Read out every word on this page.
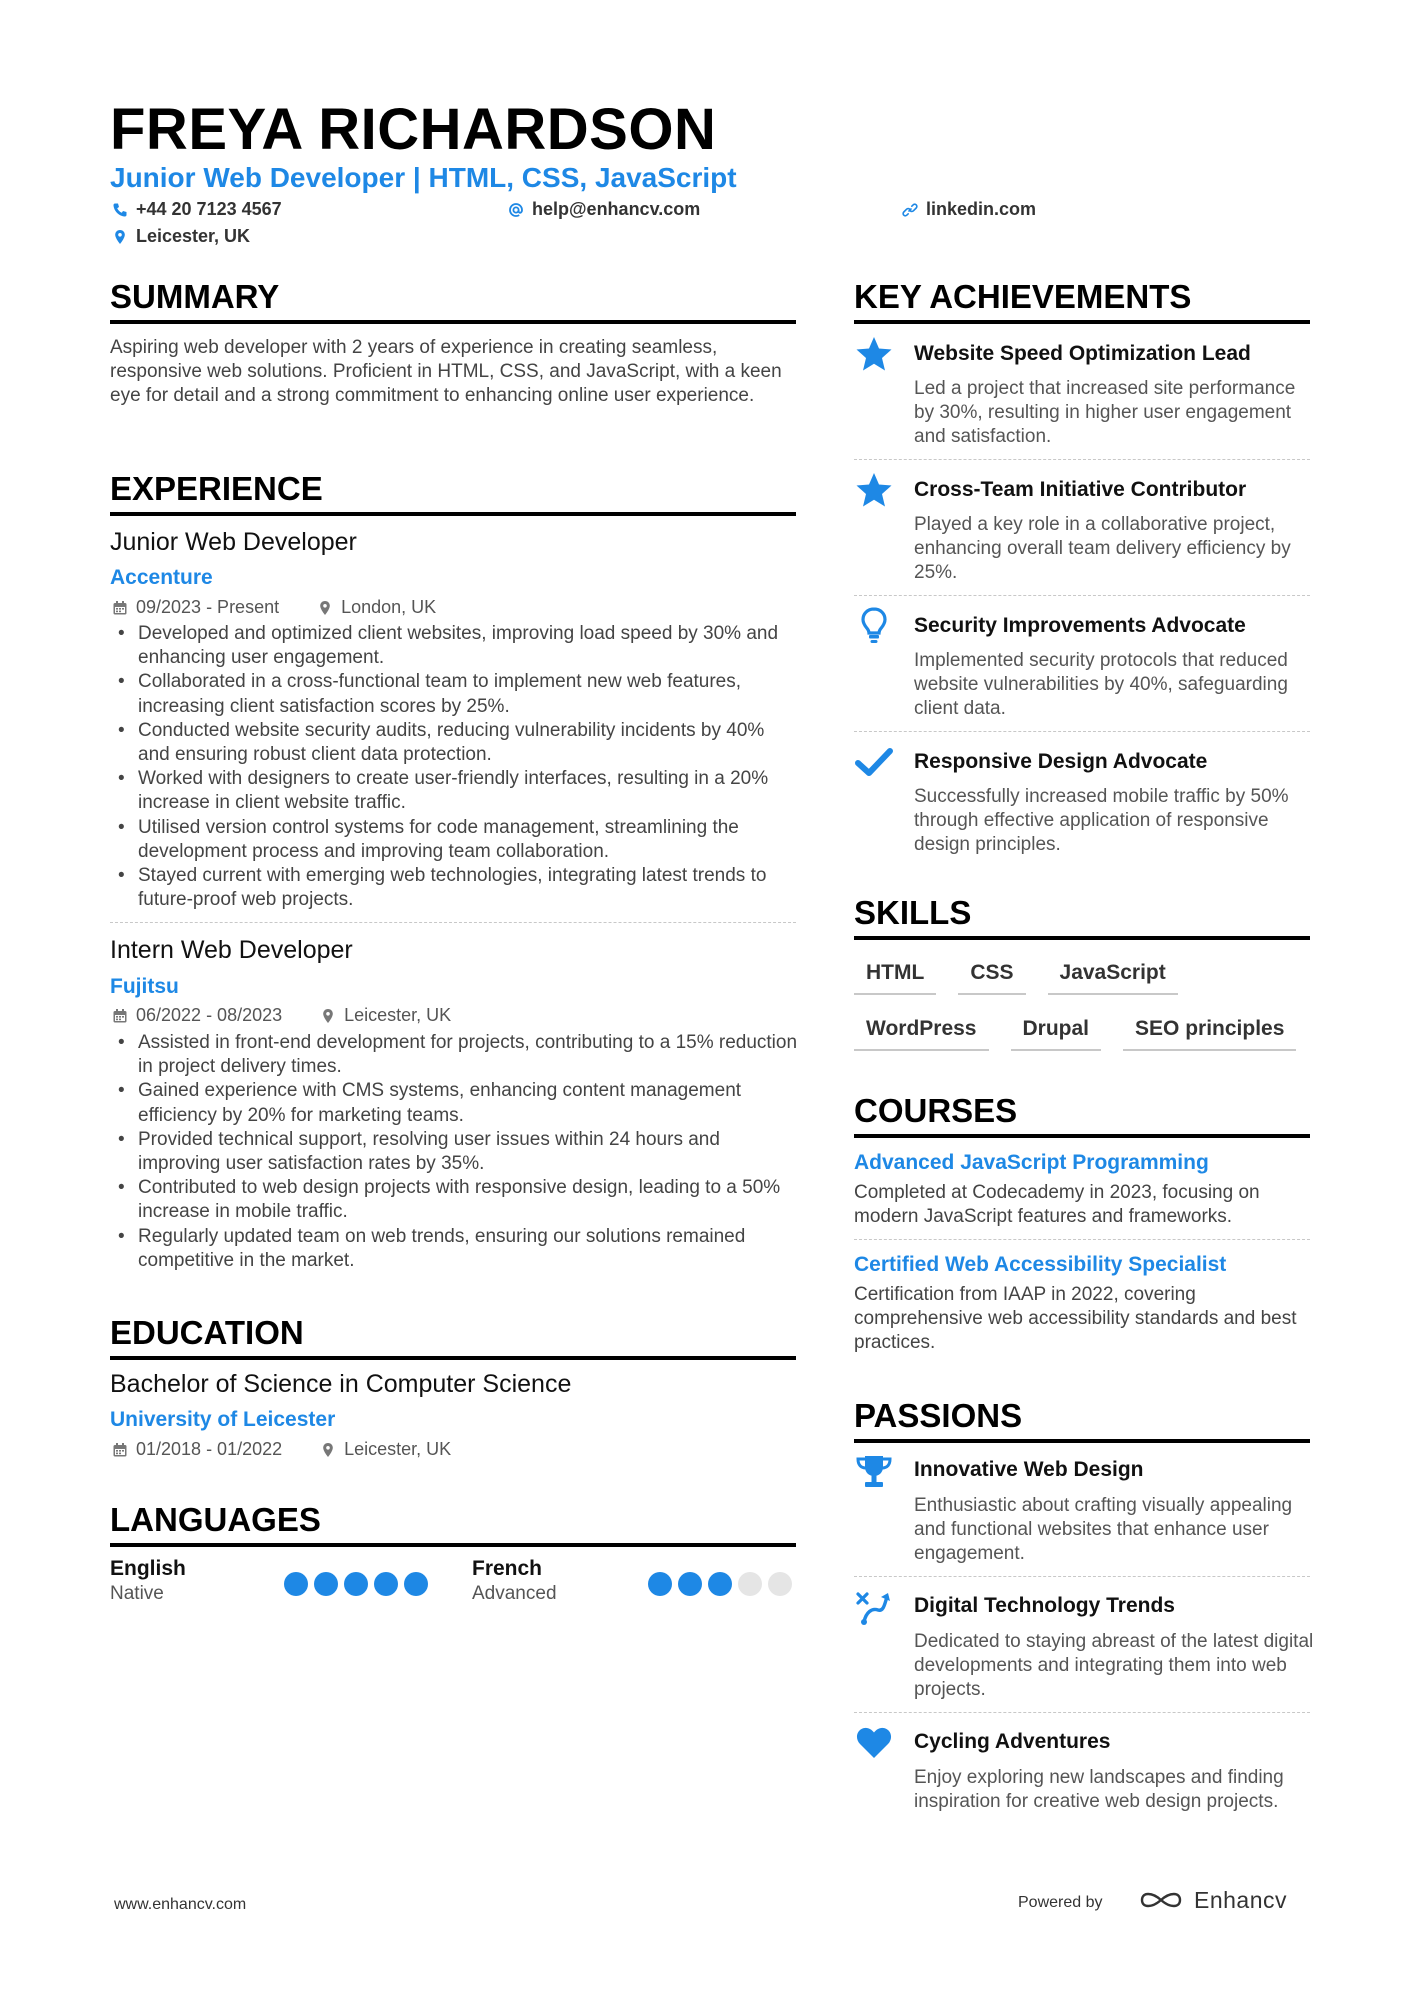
FREYA RICHARDSON
Junior Web Developer | HTML, CSS, JavaScript
+44 20 7123 4567	help@enhancv.com	linkedin.com
Leicester, UK
SUMMARY
Aspiring web developer with 2 years of experience in creating seamless, responsive web solutions. Proficient in HTML, CSS, and JavaScript, with a keen eye for detail and a strong commitment to enhancing online user experience.
EXPERIENCE
Junior Web Developer
Accenture
09/2023 - Present	London, UK
• Developed and optimized client websites, improving load speed by 30% and enhancing user engagement.
• Collaborated in a cross-functional team to implement new web features, increasing client satisfaction scores by 25%.
• Conducted website security audits, reducing vulnerability incidents by 40% and ensuring robust client data protection.
• Worked with designers to create user-friendly interfaces, resulting in a 20% increase in client website traffic.
• Utilised version control systems for code management, streamlining the development process and improving team collaboration.
• Stayed current with emerging web technologies, integrating latest trends to future-proof web projects.
Intern Web Developer
Fujitsu
06/2022 - 08/2023	Leicester, UK
• Assisted in front-end development for projects, contributing to a 15% reduction in project delivery times.
• Gained experience with CMS systems, enhancing content management efficiency by 20% for marketing teams.
• Provided technical support, resolving user issues within 24 hours and improving user satisfaction rates by 35%.
• Contributed to web design projects with responsive design, leading to a 50% increase in mobile traffic.
• Regularly updated team on web trends, ensuring our solutions remained competitive in the market.
EDUCATION
Bachelor of Science in Computer Science
University of Leicester
01/2018 - 01/2022	Leicester, UK
LANGUAGES
English
Native
French
Advanced
KEY ACHIEVEMENTS
Website Speed Optimization Lead
Led a project that increased site performance by 30%, resulting in higher user engagement and satisfaction.
Cross-Team Initiative Contributor
Played a key role in a collaborative project, enhancing overall team delivery efficiency by 25%.
Security Improvements Advocate
Implemented security protocols that reduced website vulnerabilities by 40%, safeguarding client data.
Responsive Design Advocate
Successfully increased mobile traffic by 50% through effective application of responsive design principles.
SKILLS
HTML	CSS	JavaScript
WordPress	Drupal	SEO principles
COURSES
Advanced JavaScript Programming
Completed at Codecademy in 2023, focusing on modern JavaScript features and frameworks.
Certified Web Accessibility Specialist
Certification from IAAP in 2022, covering comprehensive web accessibility standards and best practices.
PASSIONS
Innovative Web Design
Enthusiastic about crafting visually appealing and functional websites that enhance user engagement.
Digital Technology Trends
Dedicated to staying abreast of the latest digital developments and integrating them into web projects.
Cycling Adventures
Enjoy exploring new landscapes and finding inspiration for creative web design projects.
www.enhancv.com	Powered by	Enhancv
